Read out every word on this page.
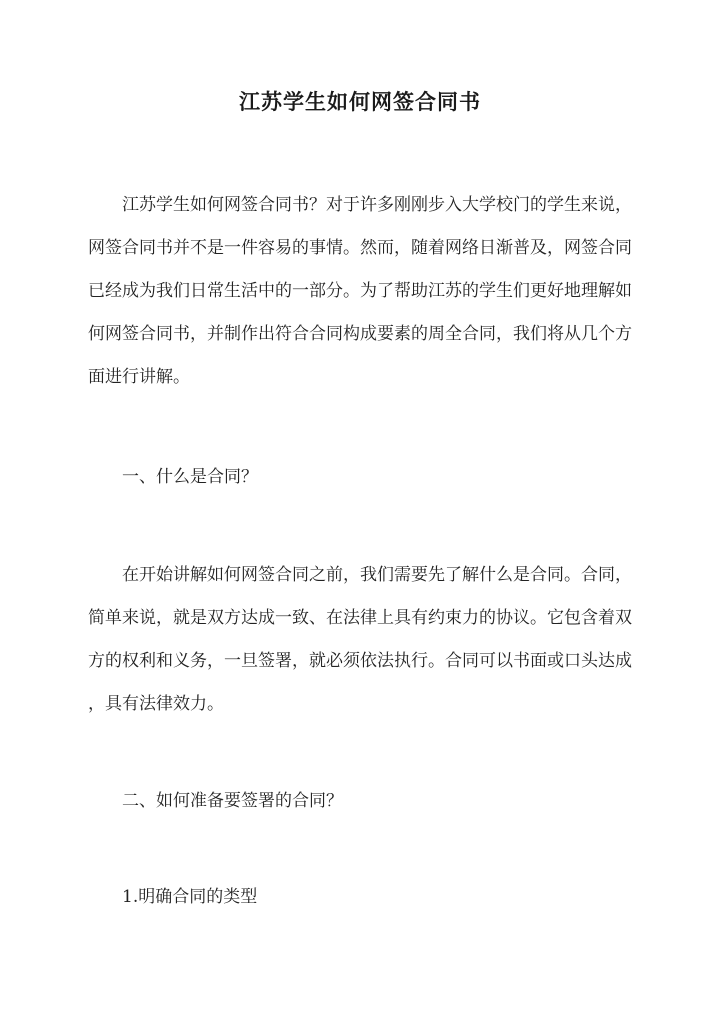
江苏学生如何网签合同书
江苏学生如何网签合同书？对于许多刚刚步入大学校门的学生来说，
网签合同书并不是一件容易的事情。然而，随着网络日渐普及，网签合同
已经成为我们日常生活中的一部分。为了帮助江苏的学生们更好地理解如
何网签合同书，并制作出符合合同构成要素的周全合同，我们将从几个方
面进行讲解。
一、什么是合同？
在开始讲解如何网签合同之前，我们需要先了解什么是合同。合同，
简单来说，就是双方达成一致、在法律上具有约束力的协议。它包含着双
方的权利和义务，一旦签署，就必须依法执行。合同可以书面或口头达成
，具有法律效力。
二、如何准备要签署的合同？
1.明确合同的类型
